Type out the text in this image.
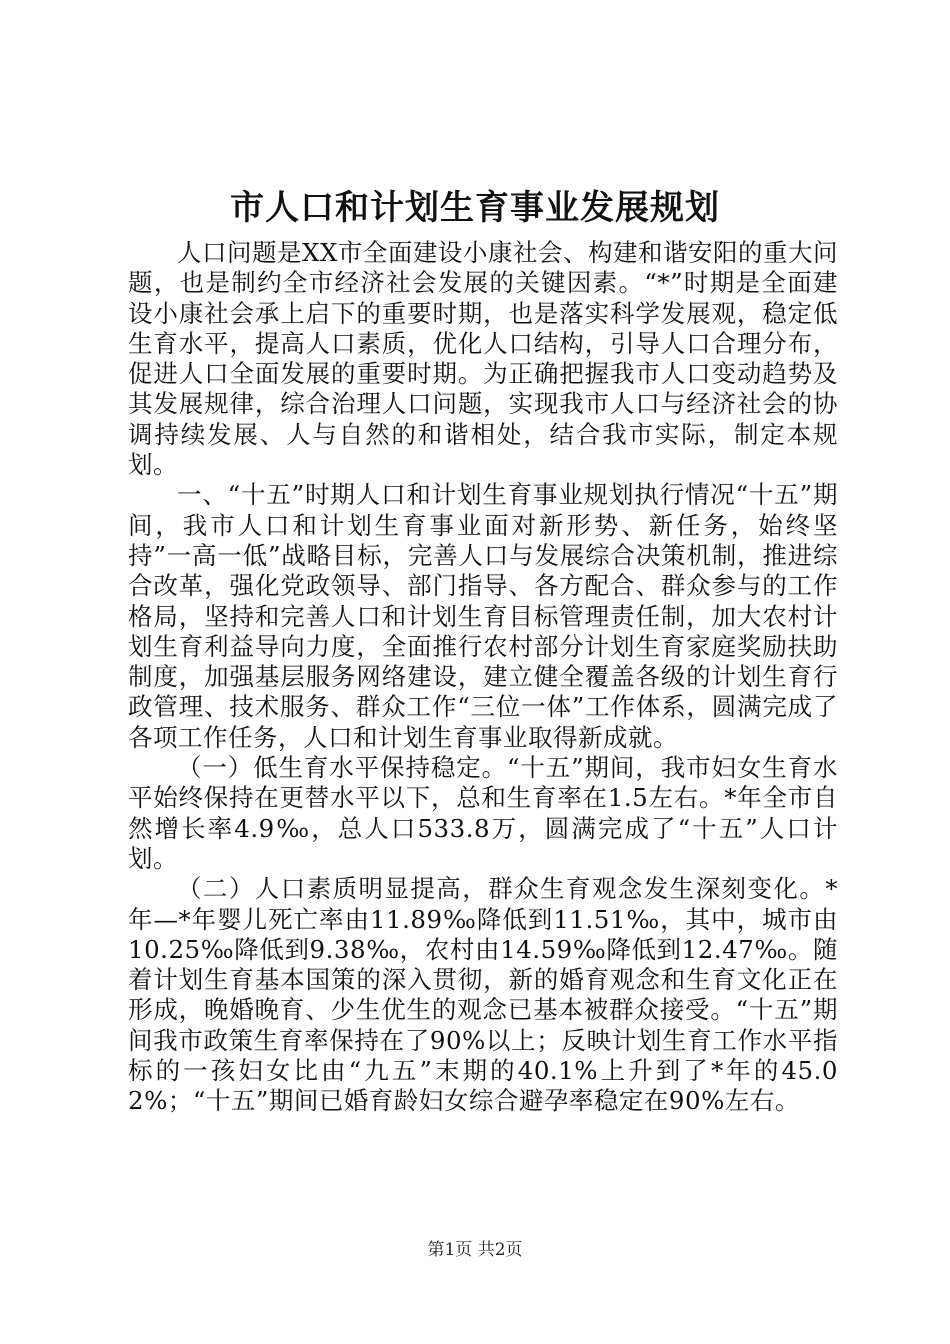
市人口和计划生育事业发展规划

人口问题是XX市全面建设小康社会、构建和谐安阳的重大问题，也是制约全市经济社会发展的关键因素。“*”时期是全面建设小康社会承上启下的重要时期，也是落实科学发展观，稳定低生育水平，提高人口素质，优化人口结构，引导人口合理分布，促进人口全面发展的重要时期。为正确把握我市人口变动趋势及其发展规律，综合治理人口问题，实现我市人口与经济社会的协调持续发展、人与自然的和谐相处，结合我市实际，制定本规划。

一、“十五”时期人口和计划生育事业规划执行情况“十五”期间，我市人口和计划生育事业面对新形势、新任务，始终坚持”一高一低”战略目标，完善人口与发展综合决策机制，推进综合改革，强化党政领导、部门指导、各方配合、群众参与的工作格局，坚持和完善人口和计划生育目标管理责任制，加大农村计划生育利益导向力度，全面推行农村部分计划生育家庭奖励扶助制度，加强基层服务网络建设，建立健全覆盖各级的计划生育行政管理、技术服务、群众工作“三位一体”工作体系，圆满完成了各项工作任务，人口和计划生育事业取得新成就。

（一）低生育水平保持稳定。“十五”期间，我市妇女生育水平始终保持在更替水平以下，总和生育率在1.5左右。*年全市自然增长率4.9‰，总人口533.8万，圆满完成了“十五”人口计划。

（二）人口素质明显提高，群众生育观念发生深刻变化。*年—*年婴儿死亡率由11.89‰降低到11.51‰，其中，城市由10.25‰降低到9.38‰，农村由14.59‰降低到12.47‰。随着计划生育基本国策的深入贯彻，新的婚育观念和生育文化正在形成，晚婚晚育、少生优生的观念已基本被群众接受。“十五”期间我市政策生育率保持在了90%以上；反映计划生育工作水平指标的一孩妇女比由“九五”末期的40.1%上升到了*年的45.02%；“十五”期间已婚育龄妇女综合避孕率稳定在90%左右。

第1页 共2页
